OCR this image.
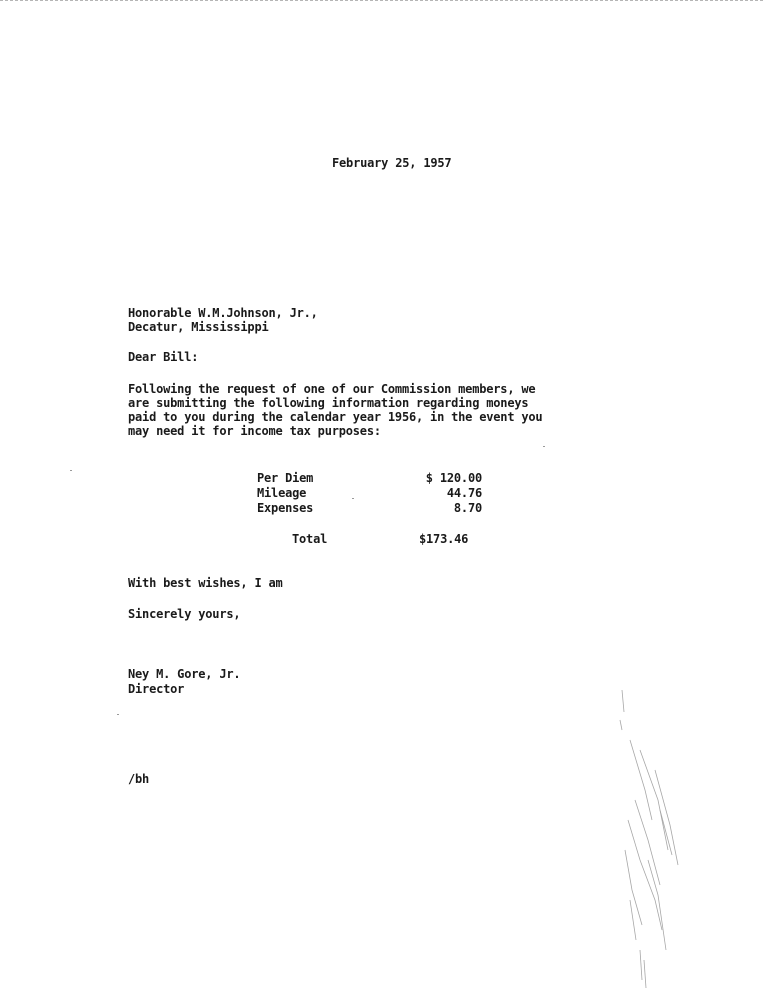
February 25, 1957
Honorable W.M.Johnson, Jr.,
Decatur, Mississippi
Dear Bill:
Following the request of one of our Commission members, we
are submitting the following information regarding moneys
paid to you during the calendar year 1956, in the event you
may need it for income tax purposes:
Per Diem	$ 120.00
Mileage	44.76
Expenses	8.70
Total	$173.46
With best wishes, I am
Sincerely yours,
Ney M. Gore, Jr.
Director
/bh
